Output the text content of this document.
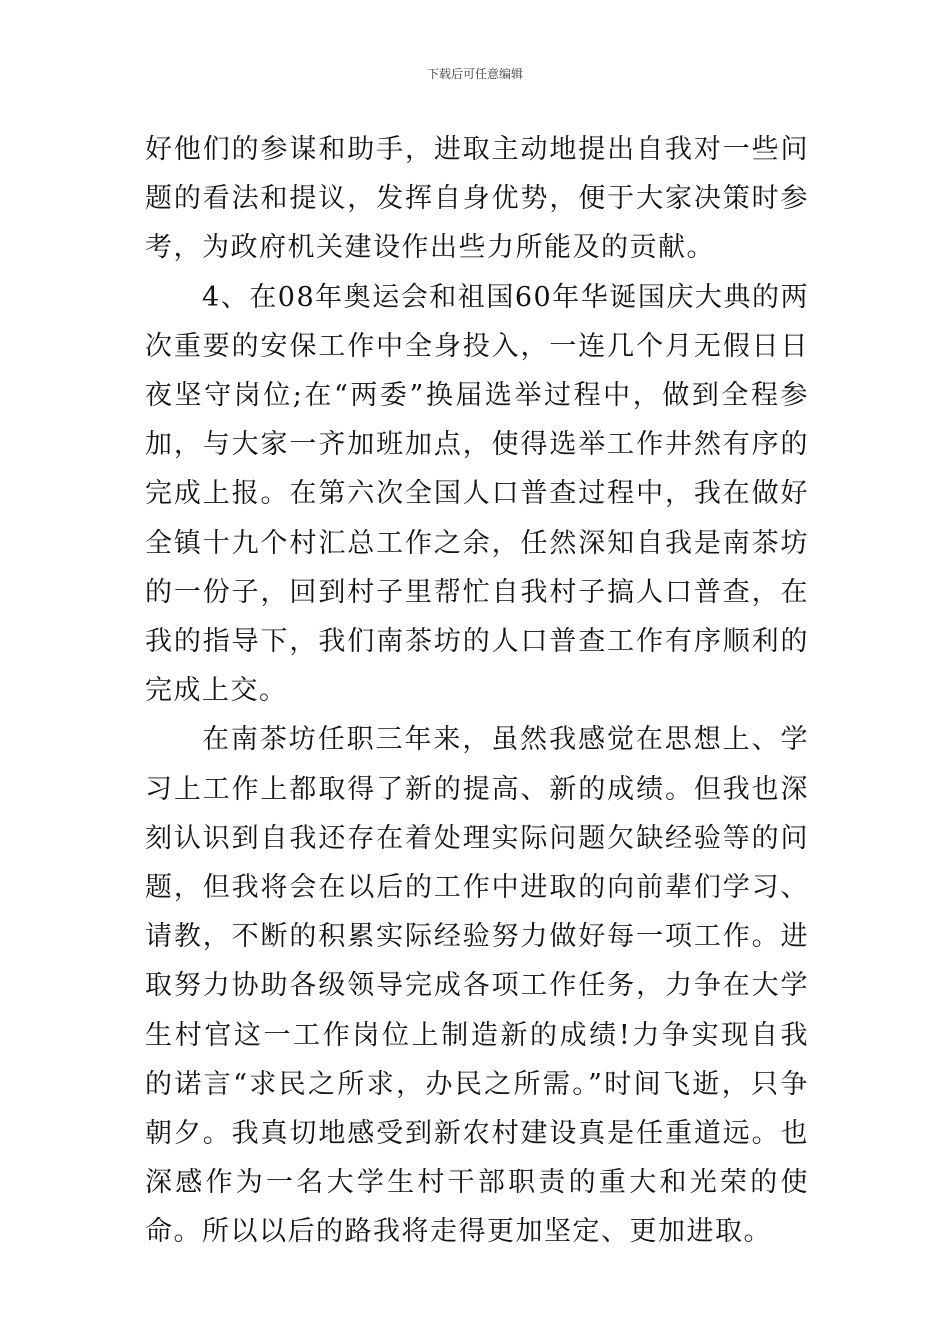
下载后可任意编辑

好他们的参谋和助手，进取主动地提出自我对一些问题的看法和提议，发挥自身优势，便于大家决策时参考，为政府机关建设作出些力所能及的贡献。

4、在08年奥运会和祖国60年华诞国庆大典的两次重要的安保工作中全身投入，一连几个月无假日日夜坚守岗位;在“两委”换届选举过程中，做到全程参加，与大家一齐加班加点，使得选举工作井然有序的完成上报。在第六次全国人口普查过程中，我在做好全镇十九个村汇总工作之余，任然深知自我是南茶坊的一份子，回到村子里帮忙自我村子搞人口普查，在我的指导下，我们南茶坊的人口普查工作有序顺利的完成上交。

在南茶坊任职三年来，虽然我感觉在思想上、学习上工作上都取得了新的提高、新的成绩。但我也深刻认识到自我还存在着处理实际问题欠缺经验等的问题，但我将会在以后的工作中进取的向前辈们学习、请教，不断的积累实际经验努力做好每一项工作。进取努力协助各级领导完成各项工作任务，力争在大学生村官这一工作岗位上制造新的成绩!力争实现自我的诺言“求民之所求，办民之所需。”时间飞逝，只争朝夕。我真切地感受到新农村建设真是任重道远。也深感作为一名大学生村干部职责的重大和光荣的使命。所以以后的路我将走得更加坚定、更加进取。
